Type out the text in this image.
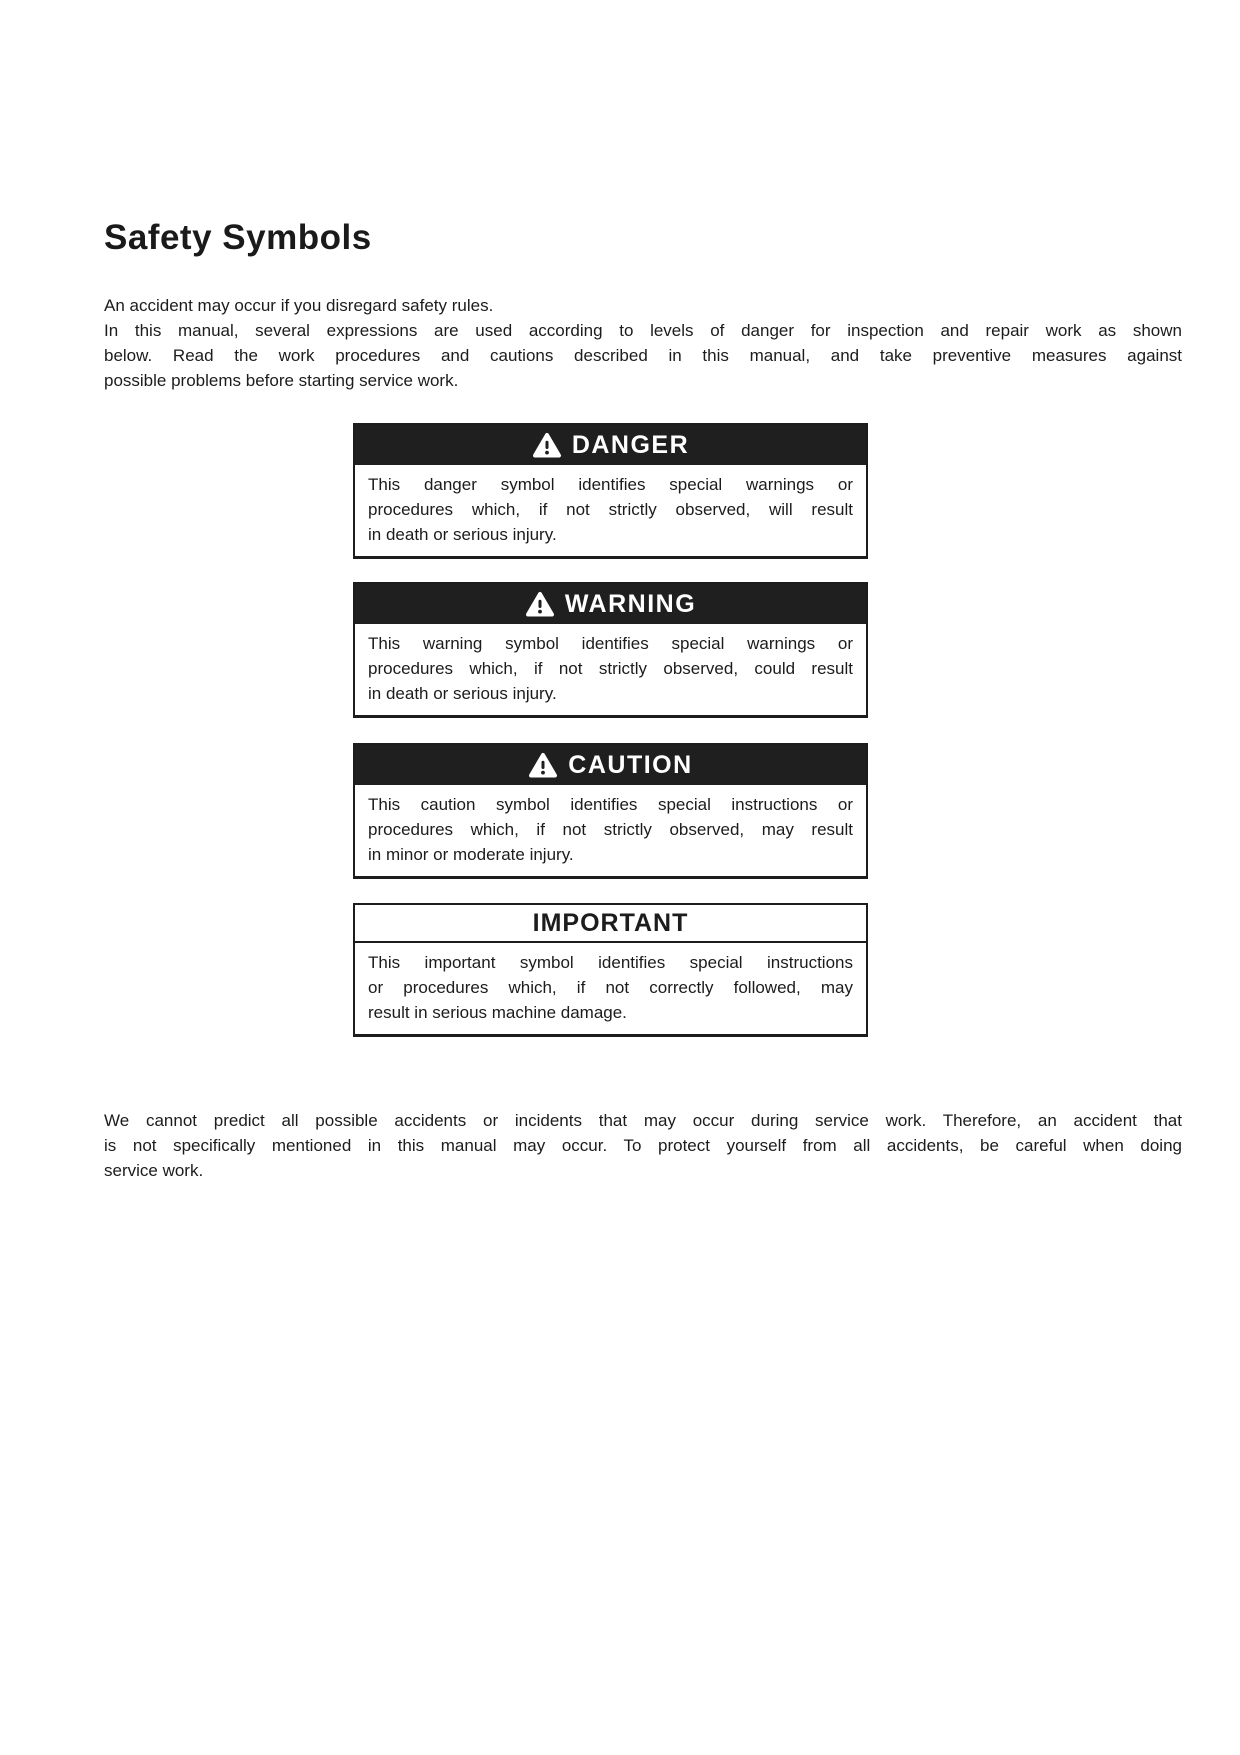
Safety Symbols
An accident may occur if you disregard safety rules.
In this manual, several expressions are used according to levels of danger for inspection and repair work as shown
below. Read the work procedures and cautions described in this manual, and take preventive measures against
possible problems before starting service work.
DANGER
This danger symbol identifies special warnings or
procedures which, if not strictly observed, will result
in death or serious injury.
WARNING
This warning symbol identifies special warnings or
procedures which, if not strictly observed, could result
in death or serious injury.
CAUTION
This caution symbol identifies special instructions or
procedures which, if not strictly observed, may result
in minor or moderate injury.
IMPORTANT
This important symbol identifies special instructions
or procedures which, if not correctly followed, may
result in serious machine damage.
We cannot predict all possible accidents or incidents that may occur during service work. Therefore, an accident that
is not specifically mentioned in this manual may occur. To protect yourself from all accidents, be careful when doing
service work.
